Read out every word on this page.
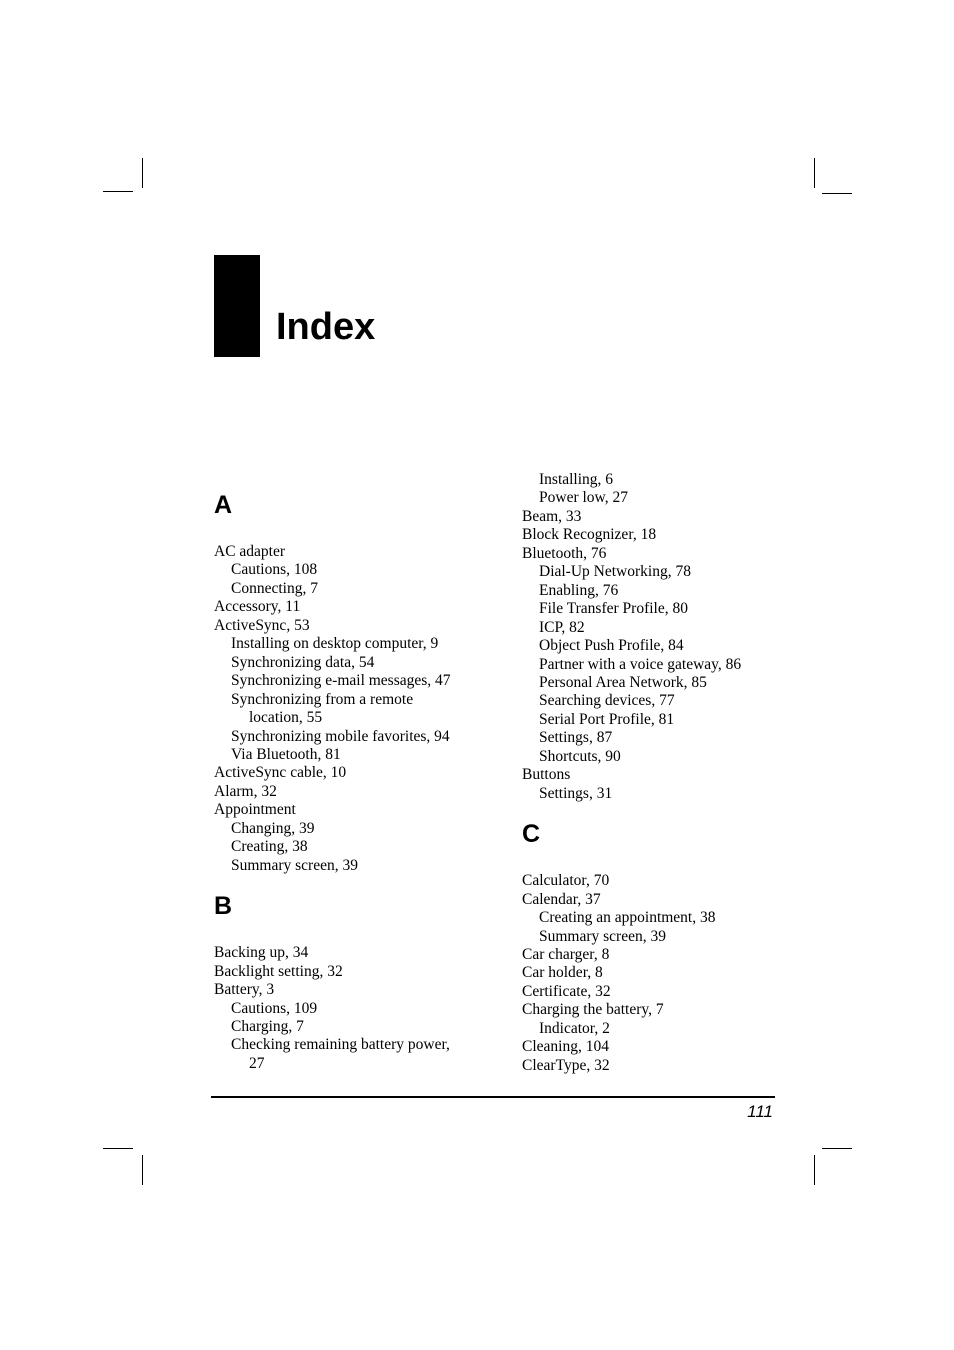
Index
A
AC adapter
Cautions, 108
Connecting, 7
Accessory, 11
ActiveSync, 53
Installing on desktop computer, 9
Synchronizing data, 54
Synchronizing e-mail messages, 47
Synchronizing from a remote
location, 55
Synchronizing mobile favorites, 94
Via Bluetooth, 81
ActiveSync cable, 10
Alarm, 32
Appointment
Changing, 39
Creating, 38
Summary screen, 39
B
Backing up, 34
Backlight setting, 32
Battery, 3
Cautions, 109
Charging, 7
Checking remaining battery power,
27
Installing, 6
Power low, 27
Beam, 33
Block Recognizer, 18
Bluetooth, 76
Dial-Up Networking, 78
Enabling, 76
File Transfer Profile, 80
ICP, 82
Object Push Profile, 84
Partner with a voice gateway, 86
Personal Area Network, 85
Searching devices, 77
Serial Port Profile, 81
Settings, 87
Shortcuts, 90
Buttons
Settings, 31
C
Calculator, 70
Calendar, 37
Creating an appointment, 38
Summary screen, 39
Car charger, 8
Car holder, 8
Certificate, 32
Charging the battery, 7
Indicator, 2
Cleaning, 104
ClearType, 32
111
